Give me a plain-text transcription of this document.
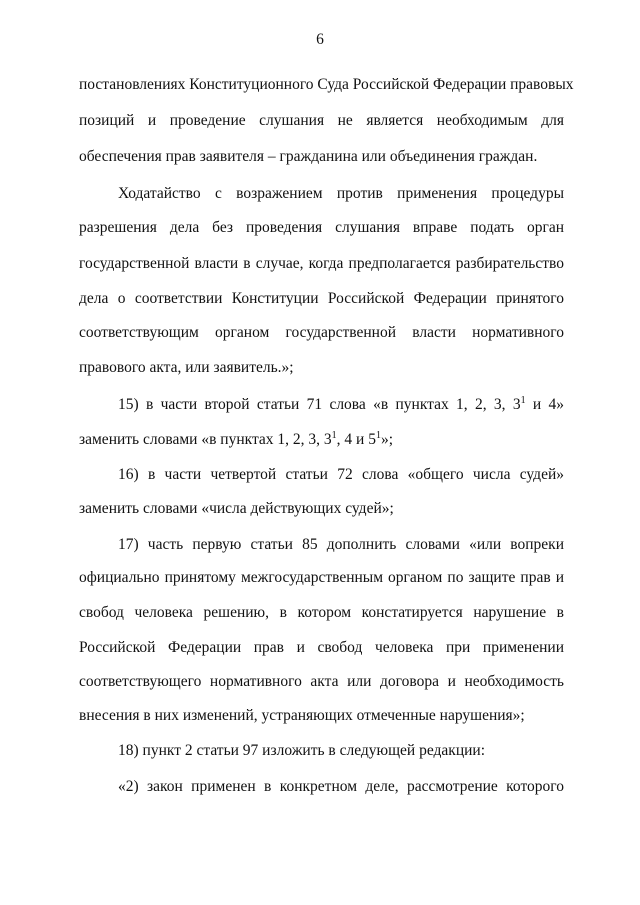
6
постановлениях Конституционного Суда Российской Федерации правовых
позиций и проведение слушания не является необходимым для
обеспечения прав заявителя – гражданина или объединения граждан.
Ходатайство с возражением против применения процедуры
разрешения дела без проведения слушания вправе подать орган
государственной власти в случае, когда предполагается разбирательство
дела о соответствии Конституции Российской Федерации принятого
соответствующим органом государственной власти нормативного
правового акта, или заявитель.»;
15) в части второй статьи 71 слова «в пунктах 1, 2, 3, $3^1$ и 4»
заменить словами «в пунктах 1, 2, 3, $3^1$, 4 и $5^1$»;
16) в части четвертой статьи 72 слова «общего числа судей»
заменить словами «числа действующих судей»;
17) часть первую статьи 85 дополнить словами «или вопреки
официально принятому межгосударственным органом по защите прав и
свобод человека решению, в котором констатируется нарушение в
Российской Федерации прав и свобод человека при применении
соответствующего нормативного акта или договора и необходимость
внесения в них изменений, устраняющих отмеченные нарушения»;
18) пункт 2 статьи 97 изложить в следующей редакции:
«2) закон применен в конкретном деле, рассмотрение которого
